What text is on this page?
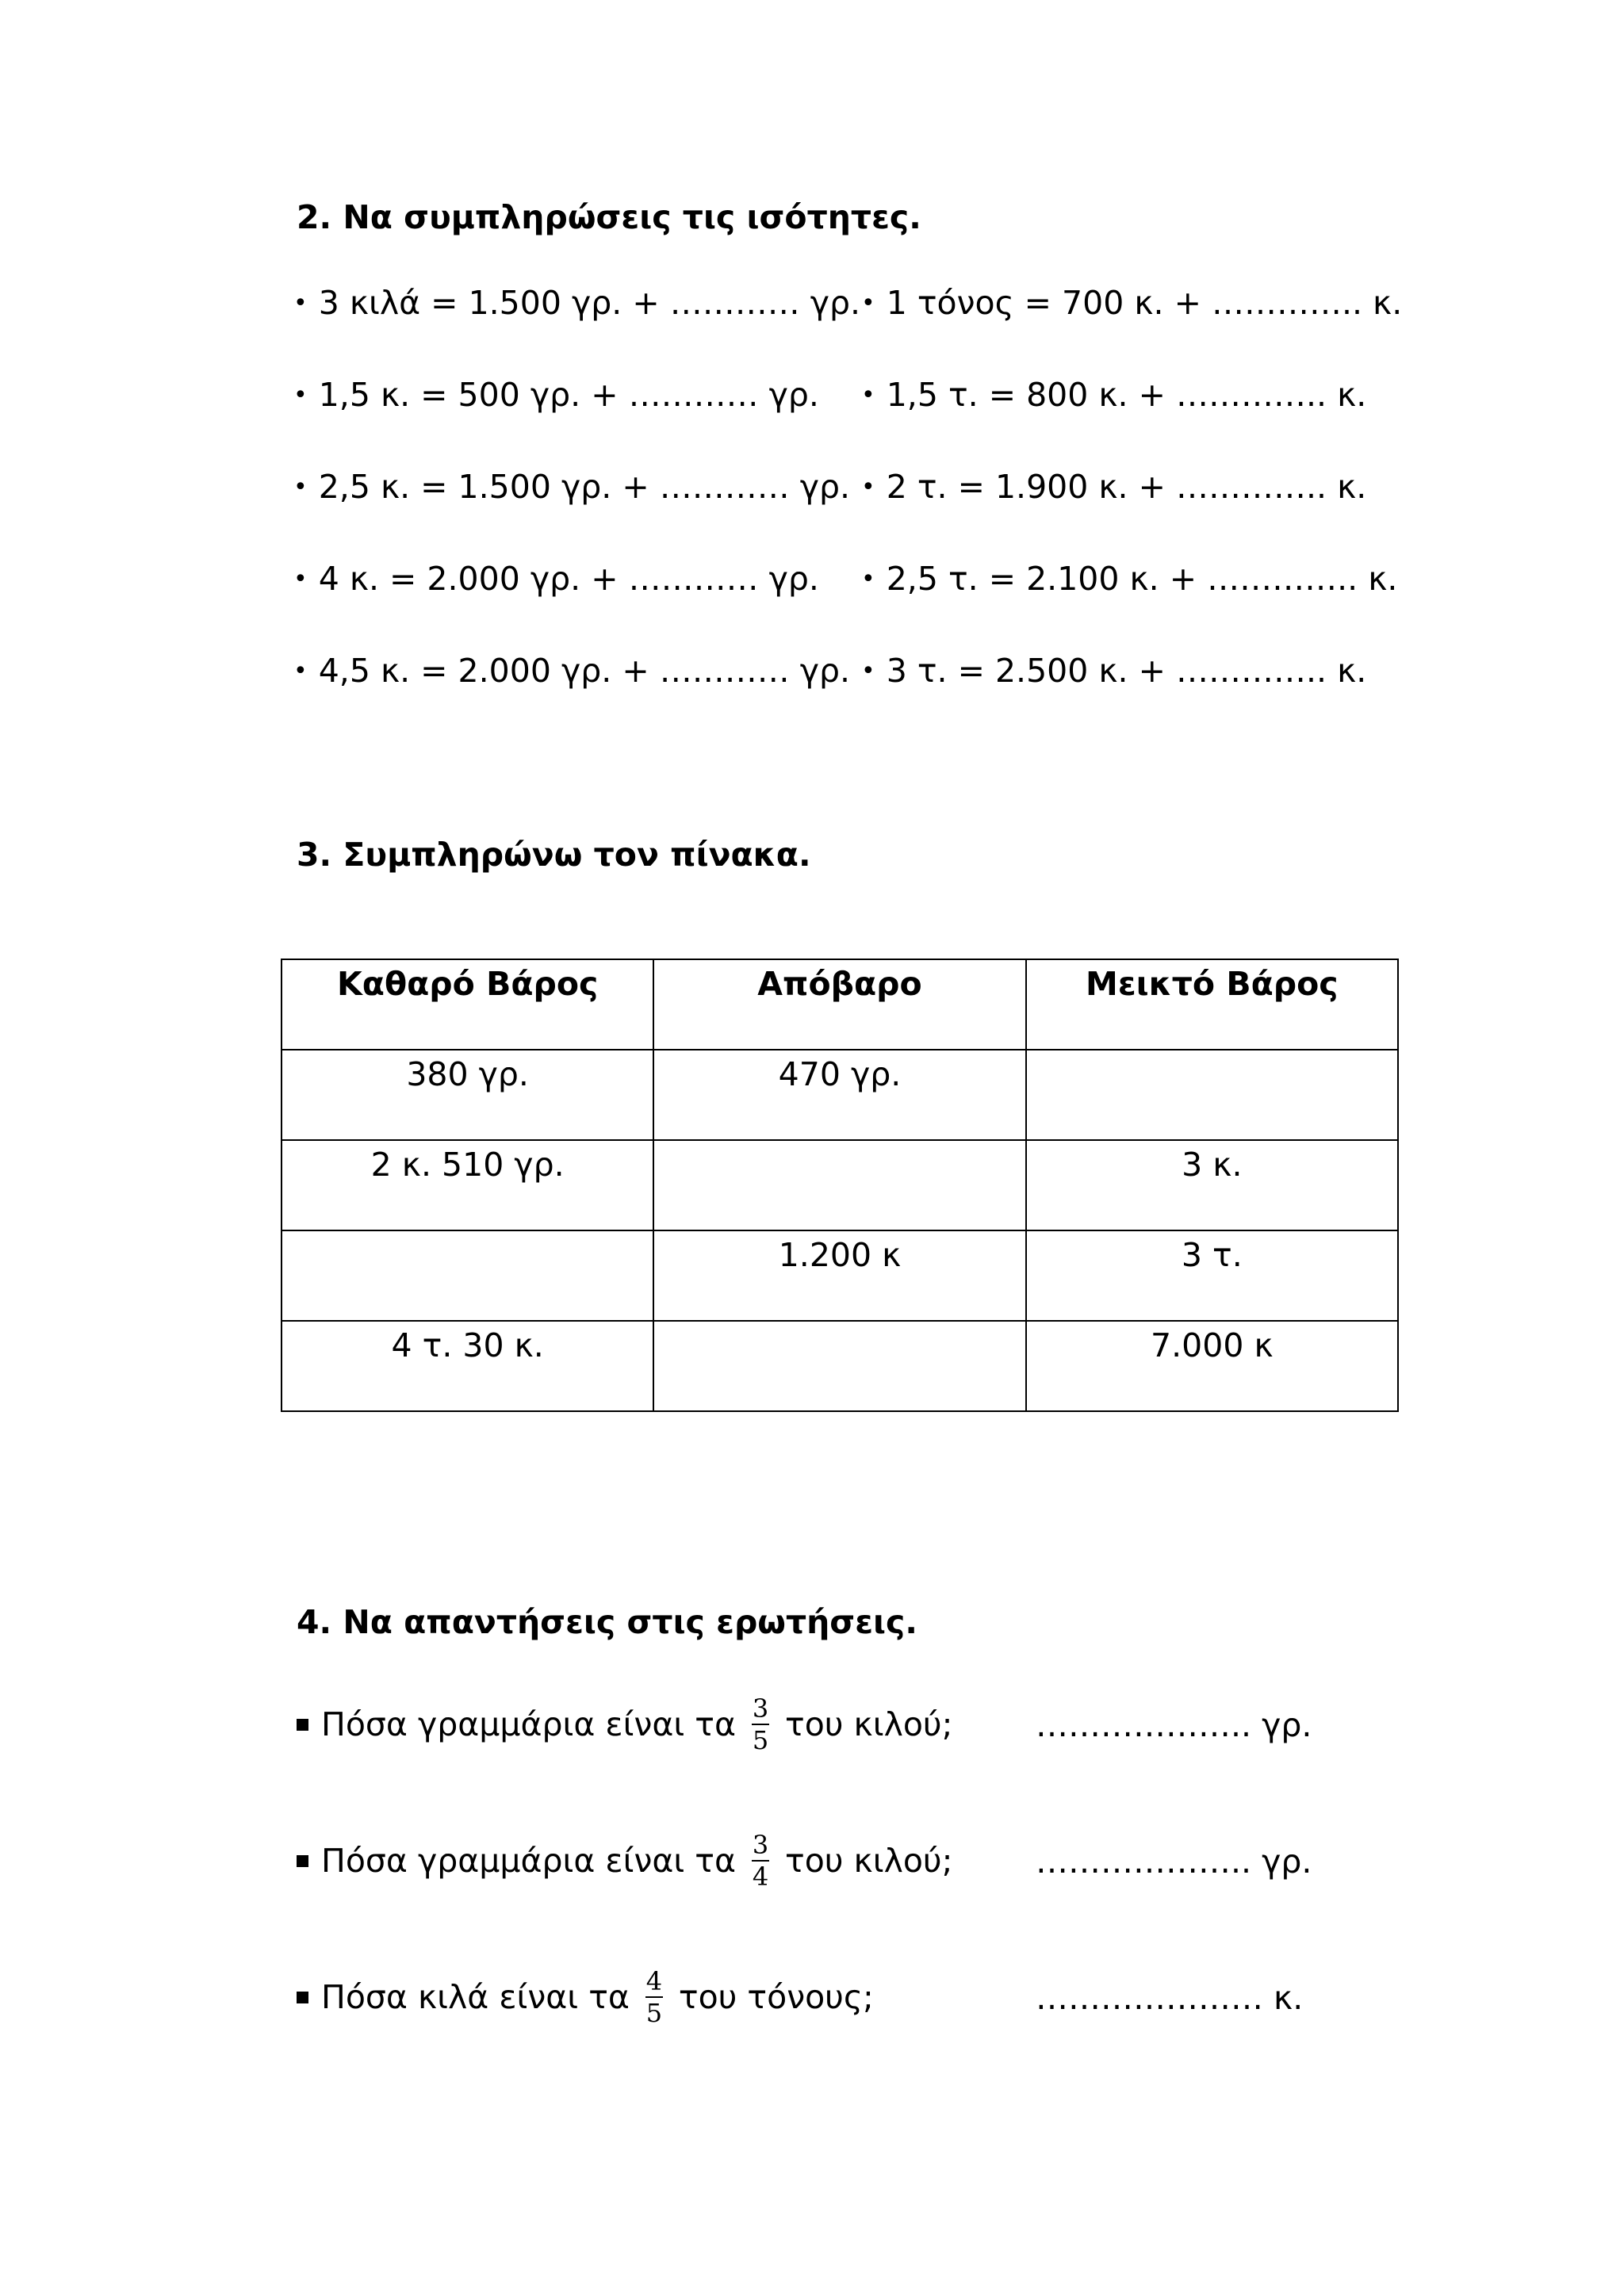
2. Να συμπληρώσεις τις ισότητες.
• 3 κιλά = 1.500 γρ. + ………… γρ.
• 1,5 κ. = 500 γρ. + ………… γρ.
• 2,5 κ. = 1.500 γρ. + ………… γρ.
• 4 κ. = 2.000 γρ. + ………… γρ.
• 4,5 κ. = 2.000 γρ. + ………… γρ.
• 1 τόνος = 700 κ. + ………….. κ.
• 1,5 τ. = 800 κ. + ………….. κ.
• 2 τ. = 1.900 κ. + ………….. κ.
• 2,5 τ. = 2.100 κ. + ………….. κ.
• 3 τ. = 2.500 κ. + ………….. κ.
3. Συμπληρώνω τον πίνακα.
Καθαρό Βάρος	Απόβαρο	Μεικτό Βάρος
380 γρ.	470 γρ.	
2 κ. 510 γρ.		3 κ.
	1.200 κ	3 τ.
4 τ. 30 κ.		7.000 κ
4. Να απαντήσεις στις ερωτήσεις.
Πόσα γραμμάρια είναι τα $\frac{3}{5}$ του κιλού;	……………….. γρ.
Πόσα γραμμάρια είναι τα $\frac{3}{4}$ του κιλού;	……………….. γρ.
Πόσα κιλά είναι τα $\frac{4}{5}$ του τόνους;	………………… κ.
